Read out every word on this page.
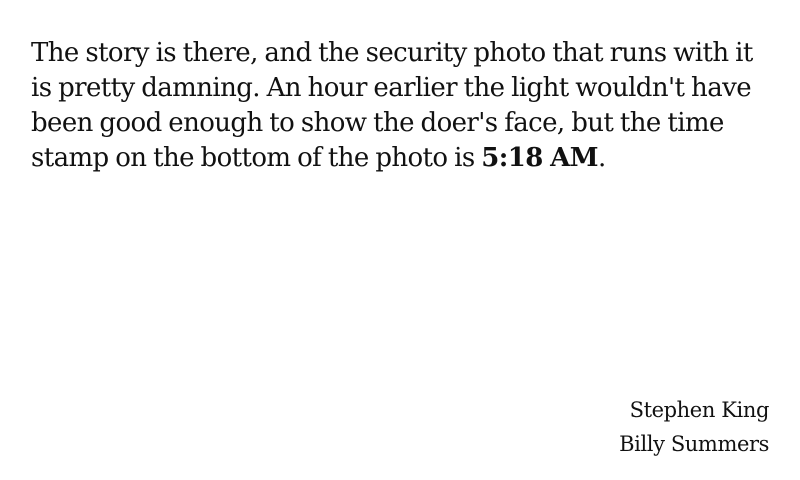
The story is there, and the security photo that runs with it is pretty damning. An hour earlier the light wouldn't have been good enough to show the doer's face, but the time stamp on the bottom of the photo is 5:18 AM.

Stephen King
Billy Summers
